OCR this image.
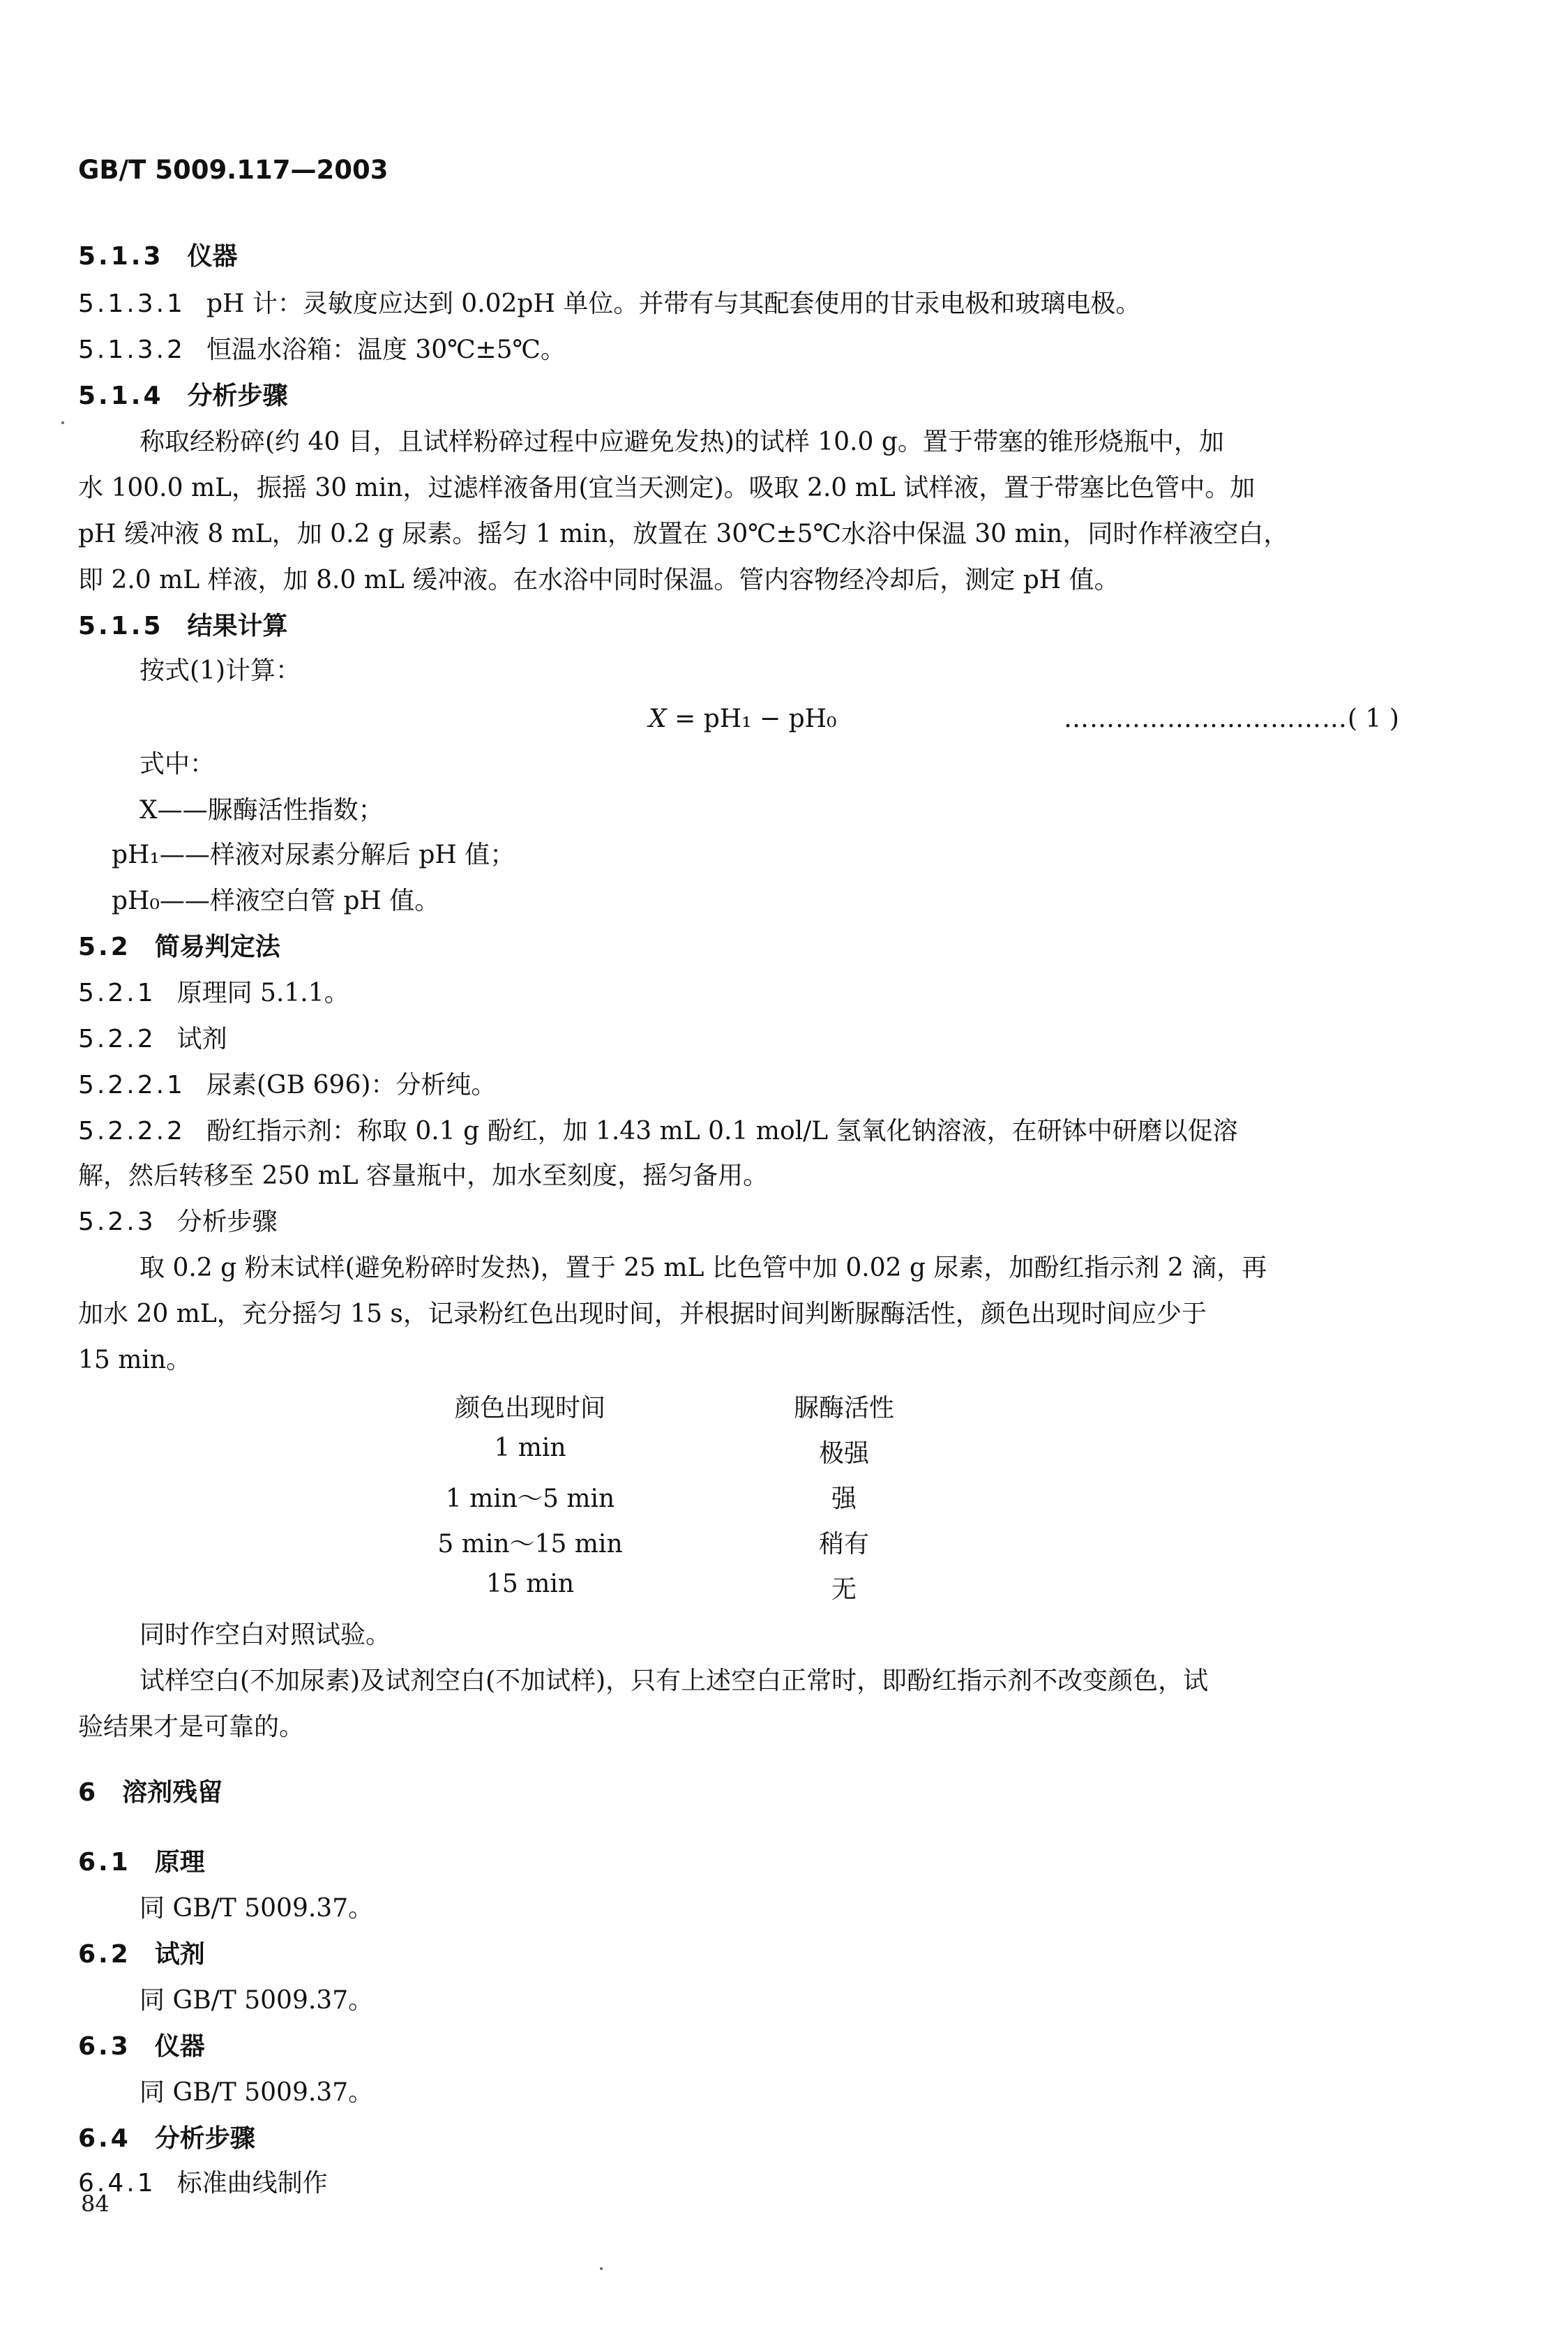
GB/T 5009.117—2003
5.1.3 仪器
5.1.3.1 pH 计：灵敏度应达到 0.02pH 单位。并带有与其配套使用的甘汞电极和玻璃电极。
5.1.3.2 恒温水浴箱：温度 30℃±5℃。
5.1.4 分析步骤
称取经粉碎(约 40 目，且试样粉碎过程中应避免发热)的试样 10.0 g。置于带塞的锥形烧瓶中，加
水 100.0 mL，振摇 30 min，过滤样液备用(宜当天测定)。吸取 2.0 mL 试样液，置于带塞比色管中。加
pH 缓冲液 8 mL，加 0.2 g 尿素。摇匀 1 min，放置在 30℃±5℃水浴中保温 30 min，同时作样液空白，
即 2.0 mL 样液，加 8.0 mL 缓冲液。在水浴中同时保温。管内容物经冷却后，测定 pH 值。
5.1.5 结果计算
按式(1)计算：
X = pH₁ − pH₀	……………………………( 1 )
式中：
X——脲酶活性指数；
pH₁——样液对尿素分解后 pH 值；
pH₀——样液空白管 pH 值。
5.2 简易判定法
5.2.1 原理同 5.1.1。
5.2.2 试剂
5.2.2.1 尿素(GB 696)：分析纯。
5.2.2.2 酚红指示剂：称取 0.1 g 酚红，加 1.43 mL 0.1 mol/L 氢氧化钠溶液，在研钵中研磨以促溶
解，然后转移至 250 mL 容量瓶中，加水至刻度，摇匀备用。
5.2.3 分析步骤
取 0.2 g 粉末试样(避免粉碎时发热)，置于 25 mL 比色管中加 0.02 g 尿素，加酚红指示剂 2 滴，再
加水 20 mL，充分摇匀 15 s，记录粉红色出现时间，并根据时间判断脲酶活性，颜色出现时间应少于
15 min。
颜色出现时间	脲酶活性
1 min	极强
1 min～5 min	强
5 min～15 min	稍有
15 min	无
同时作空白对照试验。
试样空白(不加尿素)及试剂空白(不加试样)，只有上述空白正常时，即酚红指示剂不改变颜色，试
验结果才是可靠的。
6 溶剂残留
6.1 原理
同 GB/T 5009.37。
6.2 试剂
同 GB/T 5009.37。
6.3 仪器
同 GB/T 5009.37。
6.4 分析步骤
6.4.1 标准曲线制作
84
